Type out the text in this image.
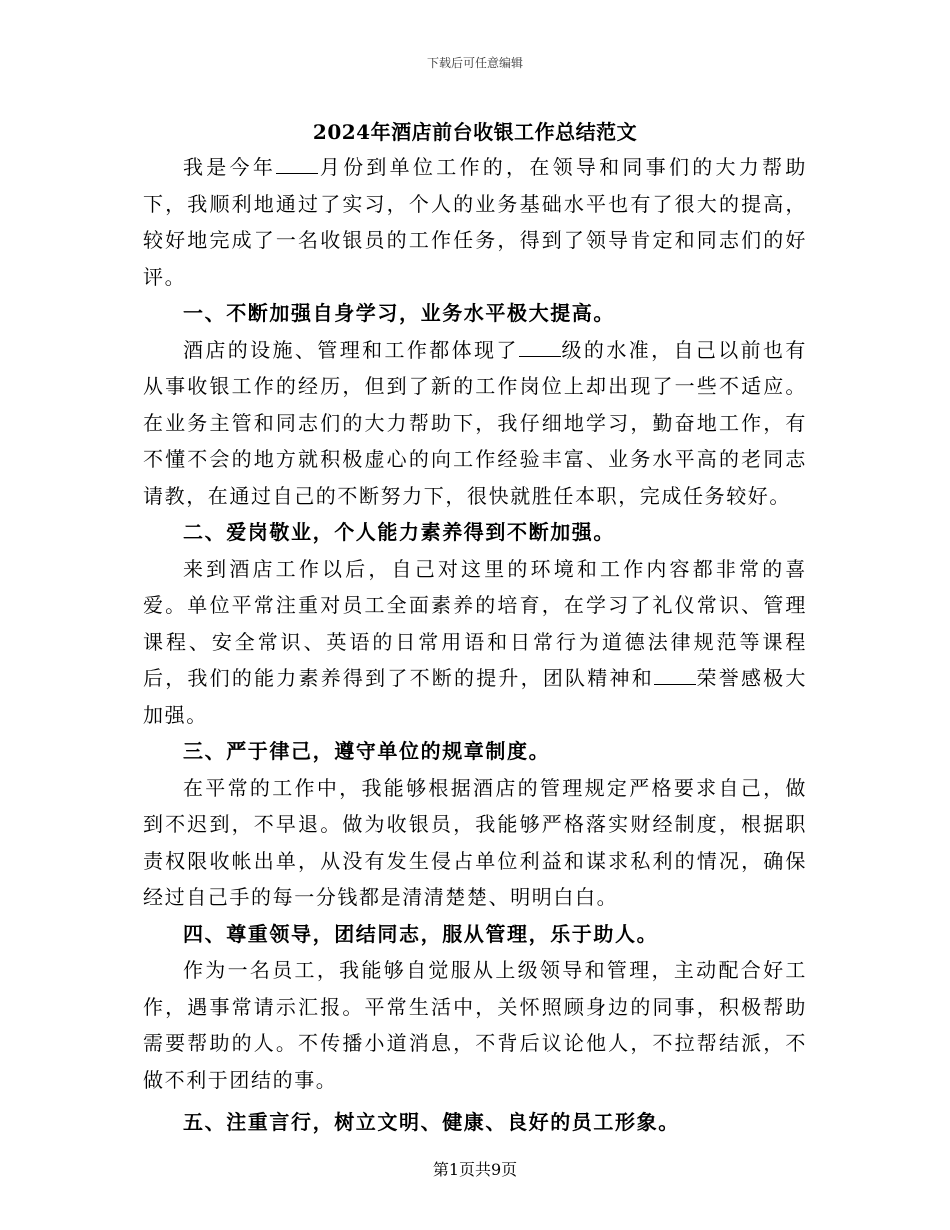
下载后可任意编辑
2024年酒店前台收银工作总结范文

我是今年 月份到单位工作的，在领导和同事们的大力帮助下，我顺利地通过了实习，个人的业务基础水平也有了很大的提高，较好地完成了一名收银员的工作任务，得到了领导肯定和同志们的好评。

一、不断加强自身学习，业务水平极大提高。

酒店的设施、管理和工作都体现了 级的水准，自己以前也有从事收银工作的经历，但到了新的工作岗位上却出现了一些不适应。在业务主管和同志们的大力帮助下，我仔细地学习，勤奋地工作，有不懂不会的地方就积极虚心的向工作经验丰富、业务水平高的老同志请教，在通过自己的不断努力下，很快就胜任本职，完成任务较好。

二、爱岗敬业，个人能力素养得到不断加强。

来到酒店工作以后，自己对这里的环境和工作内容都非常的喜爱。单位平常注重对员工全面素养的培育，在学习了礼仪常识、管理课程、安全常识、英语的日常用语和日常行为道德法律规范等课程后，我们的能力素养得到了不断的提升，团队精神和 荣誉感极大加强。

三、严于律己，遵守单位的规章制度。

在平常的工作中，我能够根据酒店的管理规定严格要求自己，做到不迟到，不早退。做为收银员，我能够严格落实财经制度，根据职责权限收帐出单，从没有发生侵占单位利益和谋求私利的情况，确保经过自己手的每一分钱都是清清楚楚、明明白白。

四、尊重领导，团结同志，服从管理，乐于助人。

作为一名员工，我能够自觉服从上级领导和管理，主动配合好工作，遇事常请示汇报。平常生活中，关怀照顾身边的同事，积极帮助需要帮助的人。不传播小道消息，不背后议论他人，不拉帮结派，不做不利于团结的事。

五、注重言行，树立文明、健康、良好的员工形象。

第1页共9页
